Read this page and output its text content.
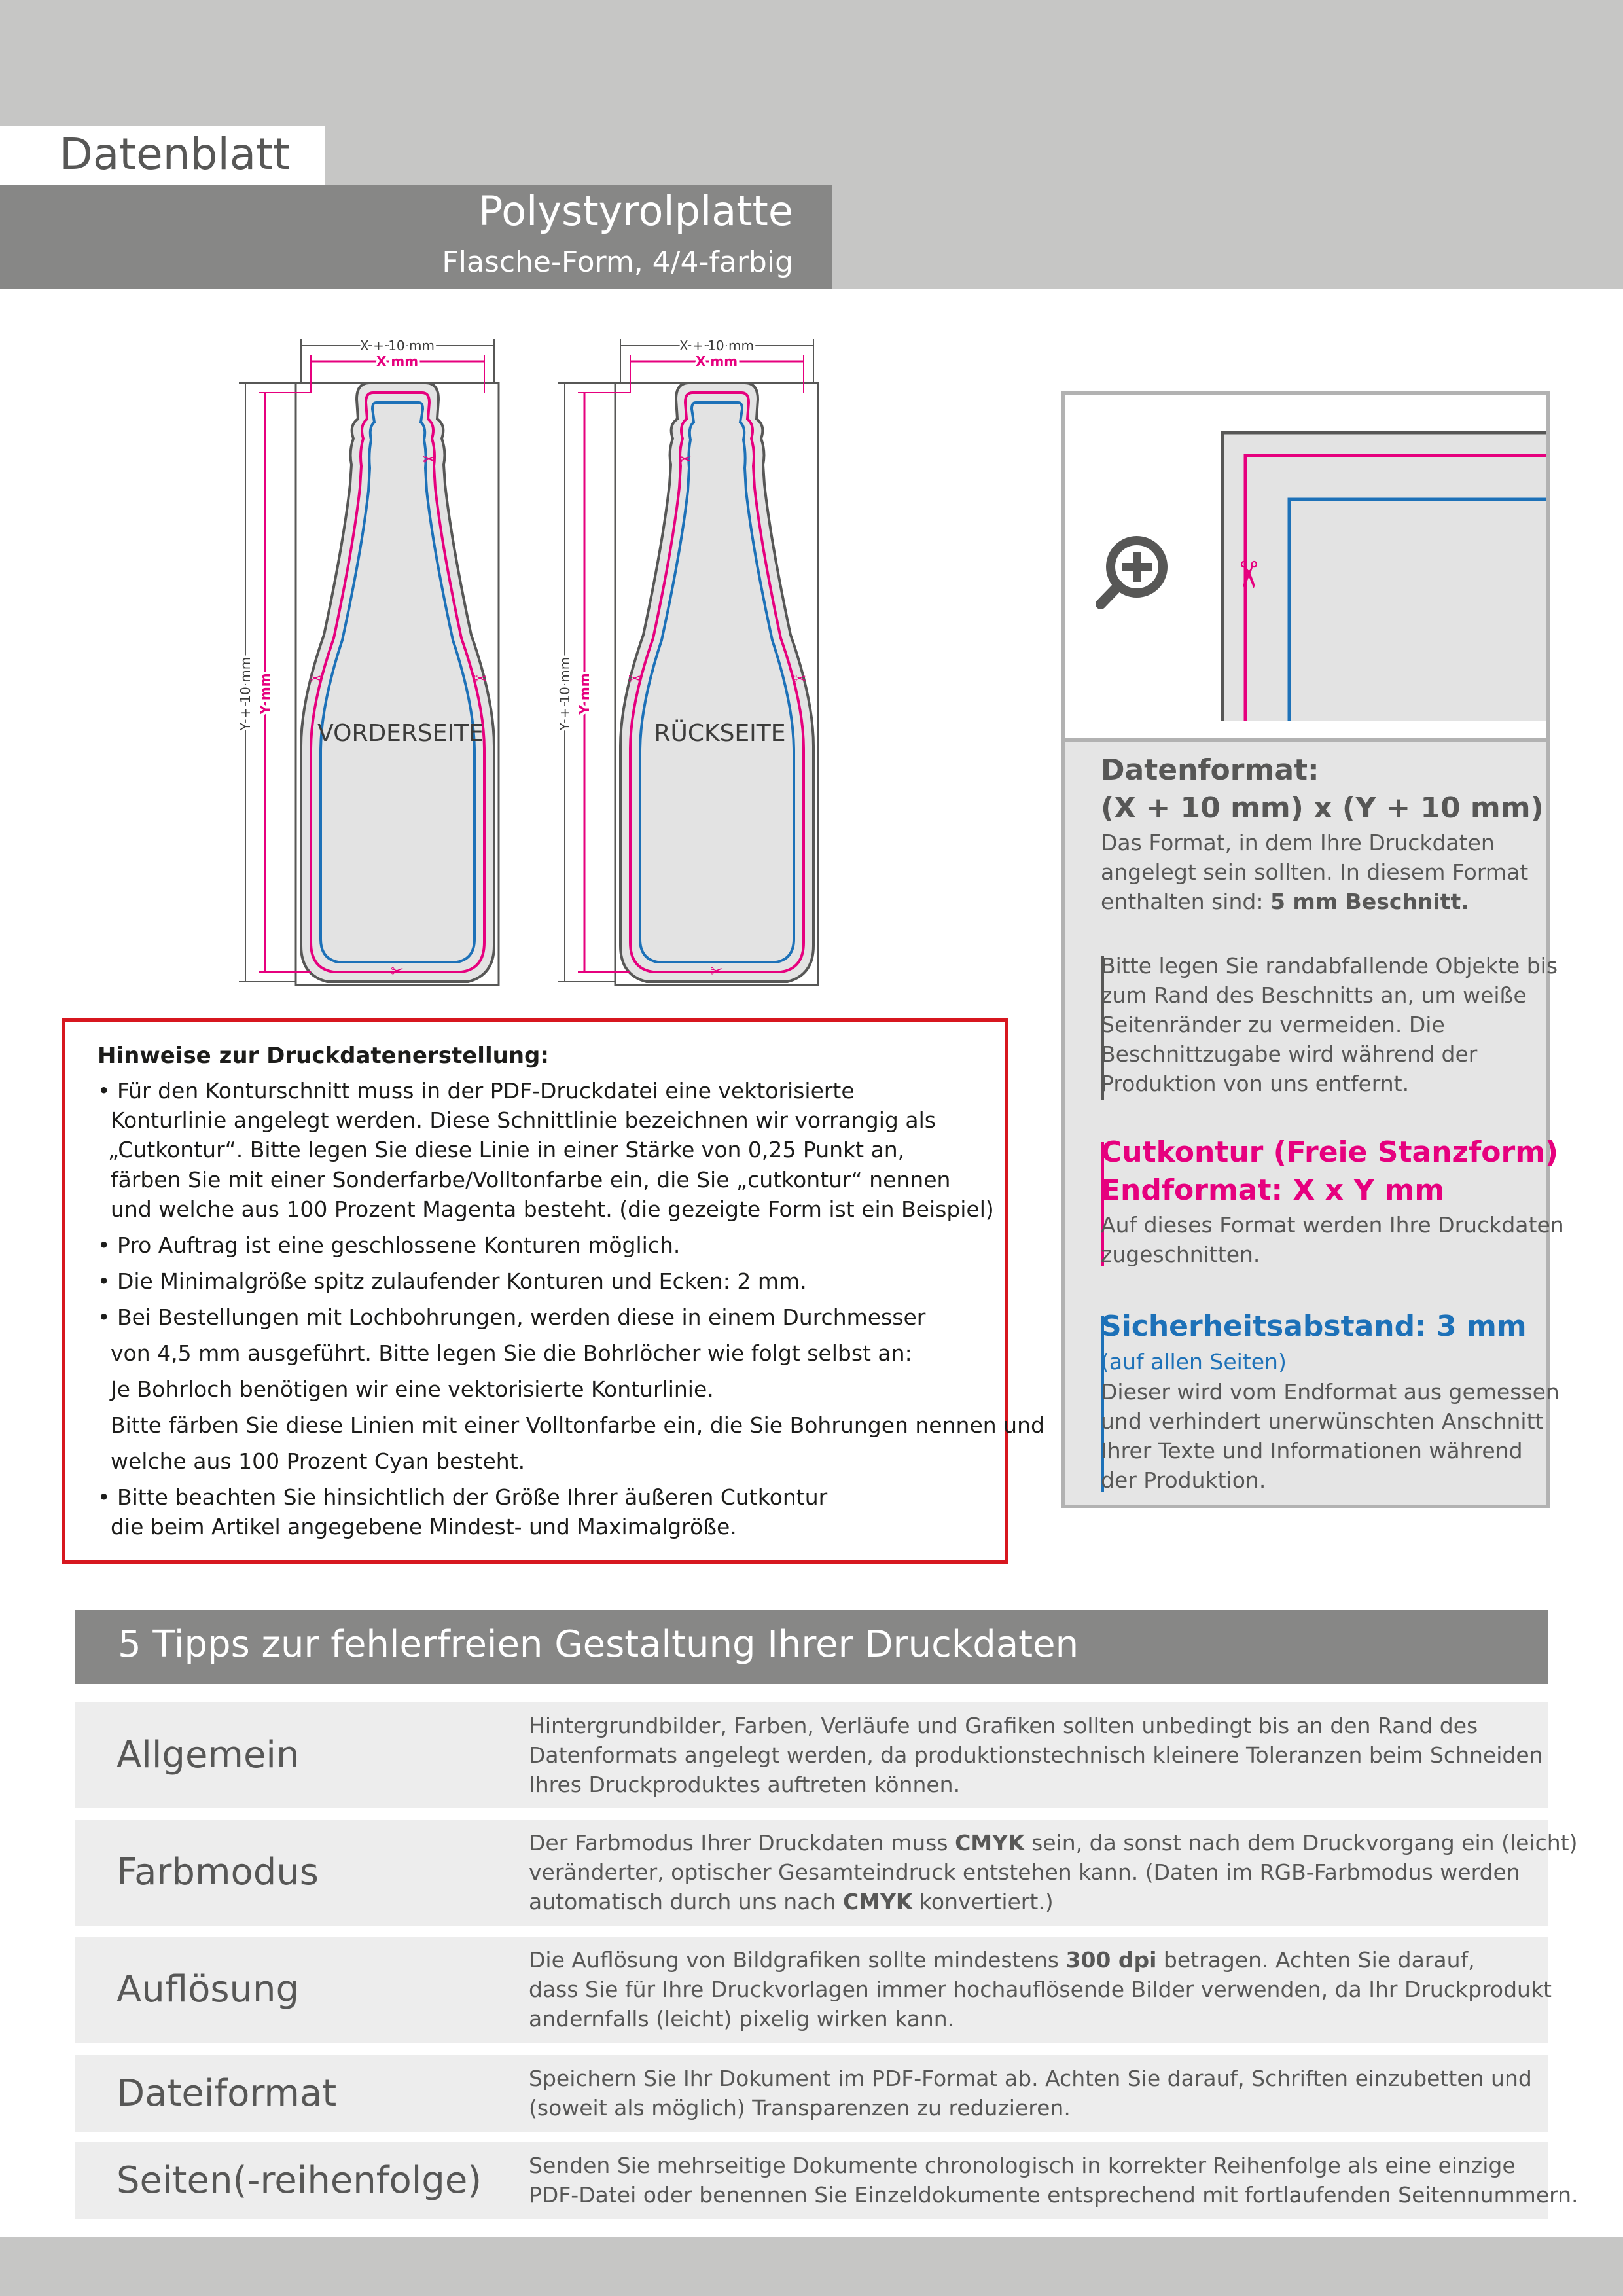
Datenblatt
Polystyrolplatte
Flasche-Form, 4/4-farbig
X + 10 mm
X mm
Y + 10 mm Y mm
✂
✂	✂
✂
VORDERSEITE
X + 10 mm
X mm
Y + 10 mm Y mm
✂
✂	✂
✂
RÜCKSEITE
Hinweise zur Druckdatenerstellung:
• Für den Konturschnitt muss in der PDF-Druckdatei eine vektorisierte
Konturlinie angelegt werden. Diese Schnittlinie bezeichnen wir vorrangig als
„Cutkontur“. Bitte legen Sie diese Linie in einer Stärke von 0,25 Punkt an,
färben Sie mit einer Sonderfarbe/Volltonfarbe ein, die Sie „cutkontur“ nennen
und welche aus 100 Prozent Magenta besteht. (die gezeigte Form ist ein Beispiel)
• Pro Auftrag ist eine geschlossene Konturen möglich.
• Die Minimalgröße spitz zulaufender Konturen und Ecken: 2 mm.
• Bei Bestellungen mit Lochbohrungen, werden diese in einem Durchmesser
von 4,5 mm ausgeführt. Bitte legen Sie die Bohrlöcher wie folgt selbst an:
Je Bohrloch benötigen wir eine vektorisierte Konturlinie.
Bitte färben Sie diese Linien mit einer Volltonfarbe ein, die Sie Bohrungen nennen und
welche aus 100 Prozent Cyan besteht.
• Bitte beachten Sie hinsichtlich der Größe Ihrer äußeren Cutkontur
die beim Artikel angegebene Mindest- und Maximalgröße.
✂
Datenformat:
(X + 10 mm) x (Y + 10 mm)
Das Format, in dem Ihre Druckdaten
angelegt sein sollten. In diesem Format
enthalten sind: 5 mm Beschnitt.
Bitte legen Sie randabfallende Objekte bis
zum Rand des Beschnitts an, um weiße
Seitenränder zu vermeiden. Die
Beschnittzugabe wird während der
Produktion von uns entfernt.
Cutkontur (Freie Stanzform)
Endformat: X x Y mm
Auf dieses Format werden Ihre Druckdaten
zugeschnitten.
Sicherheitsabstand: 3 mm
(auf allen Seiten)
Dieser wird vom Endformat aus gemessen
und verhindert unerwünschten Anschnitt
Ihrer Texte und Informationen während
der Produktion.
5 Tipps zur fehlerfreien Gestaltung Ihrer Druckdaten
Allgemein
Hintergrundbilder, Farben, Verläufe und Grafiken sollten unbedingt bis an den Rand des
Datenformats angelegt werden, da produktionstechnisch kleinere Toleranzen beim Schneiden
Ihres Druckproduktes auftreten können.
Farbmodus
Der Farbmodus Ihrer Druckdaten muss CMYK sein, da sonst nach dem Druckvorgang ein (leicht)
veränderter, optischer Gesamteindruck entstehen kann. (Daten im RGB-Farbmodus werden
automatisch durch uns nach CMYK konvertiert.)
Auflösung
Die Auflösung von Bildgrafiken sollte mindestens 300 dpi betragen. Achten Sie darauf,
dass Sie für Ihre Druckvorlagen immer hochauflösende Bilder verwenden, da Ihr Druckprodukt
andernfalls (leicht) pixelig wirken kann.
Dateiformat	Speichern Sie Ihr Dokument im PDF-Format ab. Achten Sie darauf, Schriften einzubetten und
(soweit als möglich) Transparenzen zu reduzieren.
Seiten(-reihenfolge) Senden Sie mehrseitige Dokumente chronologisch in korrekter Reihenfolge als eine einzige
PDF-Datei oder benennen Sie Einzeldokumente entsprechend mit fortlaufenden Seitennummern.
